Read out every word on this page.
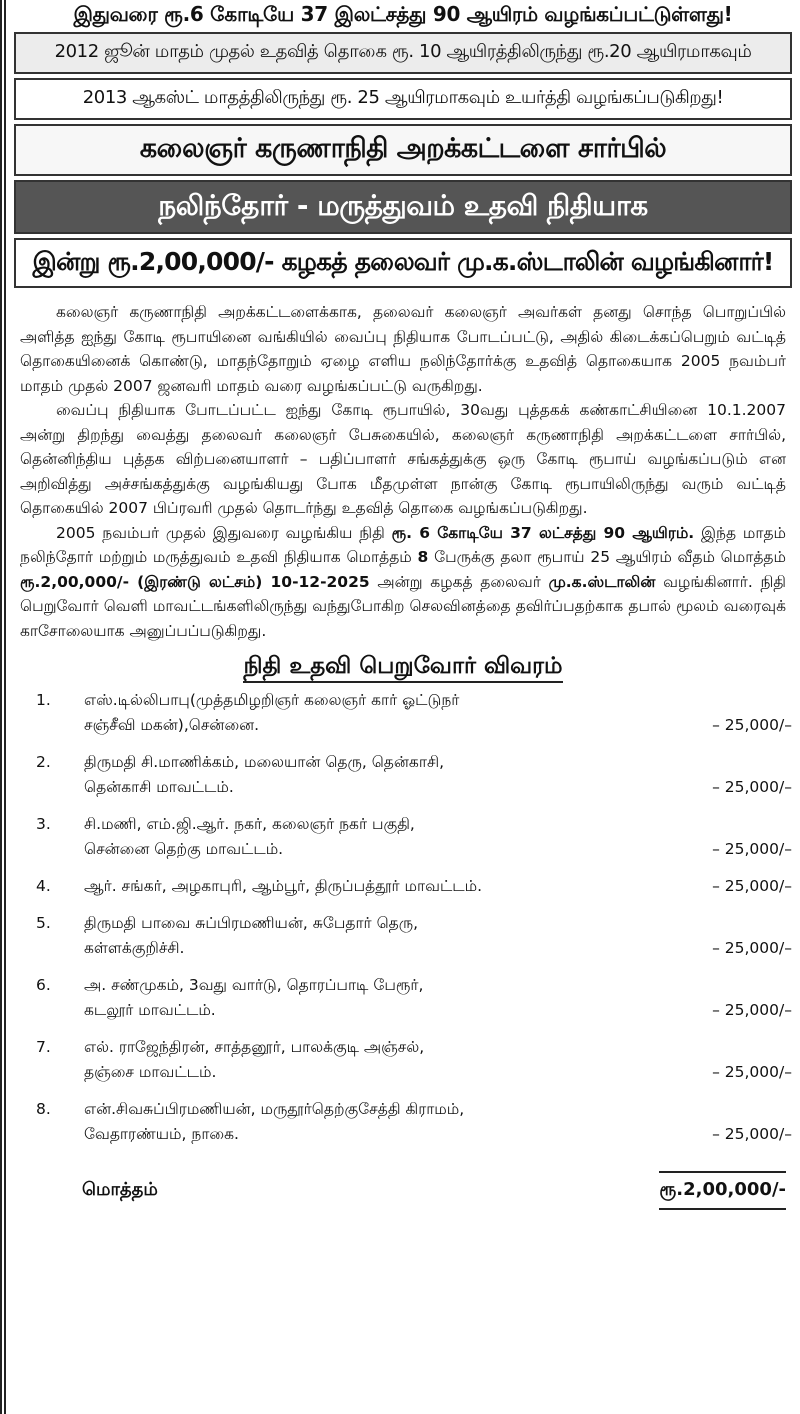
இதுவரை ரூ.6 கோடியே 37 இலட்சத்து 90 ஆயிரம் வழங்கப்பட்டுள்ளது!
2012 ஜூன் மாதம் முதல் உதவித் தொகை ரூ. 10 ஆயிரத்திலிருந்து ரூ.20 ஆயிரமாகவும்
2013 ஆகஸ்ட் மாதத்திலிருந்து ரூ. 25 ஆயிரமாகவும் உயர்த்தி வழங்கப்படுகிறது!
கலைஞர் கருணாநிதி அறக்கட்டளை சார்பில்
நலிந்தோர் - மருத்துவம் உதவி நிதியாக
இன்று ரூ.2,00,000/- கழகத் தலைவர் மு.க.ஸ்டாலின் வழங்கினார்!

கலைஞர் கருணாநிதி அறக்கட்டளைக்காக, தலைவர் கலைஞர் அவர்கள் தனது சொந்த பொறுப்பில் அளித்த ஐந்து கோடி ரூபாயினை வங்கியில் வைப்பு நிதியாக போடப்பட்டு, அதில் கிடைக்கப்பெறும் வட்டித் தொகையினைக் கொண்டு, மாதந்தோறும் ஏழை எளிய நலிந்தோர்க்கு உதவித் தொகையாக 2005 நவம்பர் மாதம் முதல் 2007 ஜனவரி மாதம் வரை வழங்கப்பட்டு வருகிறது.

வைப்பு நிதியாக போடப்பட்ட ஐந்து கோடி ரூபாயில், 30வது புத்தகக் கண்காட்சியினை 10.1.2007 அன்று திறந்து வைத்து தலைவர் கலைஞர் பேசுகையில், கலைஞர் கருணாநிதி அறக்கட்டளை சார்பில், தென்னிந்திய புத்தக விற்பனையாளர் – பதிப்பாளர் சங்கத்துக்கு ஒரு கோடி ரூபாய் வழங்கப்படும் என அறிவித்து அச்சங்கத்துக்கு வழங்கியது போக மீதமுள்ள நான்கு கோடி ரூபாயிலிருந்து வரும் வட்டித் தொகையில் 2007 பிப்ரவரி முதல் தொடர்ந்து உதவித் தொகை வழங்கப்படுகிறது.

2005 நவம்பர் முதல் இதுவரை வழங்கிய நிதி ரூ. 6 கோடியே 37 லட்சத்து 90 ஆயிரம். இந்த மாதம் நலிந்தோர் மற்றும் மருத்துவம் உதவி நிதியாக மொத்தம் 8 பேருக்கு தலா ரூபாய் 25 ஆயிரம் வீதம் மொத்தம் ரூ.2,00,000/- (இரண்டு லட்சம்) 10-12-2025 அன்று கழகத் தலைவர் மு.க.ஸ்டாலின் வழங்கினார். நிதி பெறுவோர் வெளி மாவட்டங்களிலிருந்து வந்துபோகிற செலவினத்தை தவிர்ப்பதற்காக தபால் மூலம் வரைவுக் காசோலையாக அனுப்பப்படுகிறது.

நிதி உதவி பெறுவோர் விவரம்
1.	எஸ்.டில்லிபாபு(முத்தமிழறிஞர் கலைஞர் கார் ஓட்டுநர்
சஞ்சீவி மகன்),சென்னை.	– 25,000/–
2.	திருமதி சி.மாணிக்கம், மலையான் தெரு, தென்காசி,
தென்காசி மாவட்டம்.	– 25,000/–
3.	சி.மணி, எம்.ஜி.ஆர். நகர், கலைஞர் நகர் பகுதி,
சென்னை தெற்கு மாவட்டம்.	– 25,000/–
4.	ஆர். சங்கர், அழகாபுரி, ஆம்பூர், திருப்பத்தூர் மாவட்டம்.	– 25,000/–
5.	திருமதி பாவை சுப்பிரமணியன், சுபேதார் தெரு,
கள்ளக்குறிச்சி.	– 25,000/–
6.	அ. சண்முகம், 3வது வார்டு, தொரப்பாடி பேரூர்,
கடலூர் மாவட்டம்.	– 25,000/–
7.	எல். ராஜேந்திரன், சாத்தனூர், பாலக்குடி அஞ்சல்,
தஞ்சை மாவட்டம்.	– 25,000/–
8.	என்.சிவசுப்பிரமணியன், மருதூர்தெற்குசேத்தி கிராமம்,
வேதாரண்யம், நாகை.	– 25,000/–
மொத்தம்	ரூ.2,00,000/-
